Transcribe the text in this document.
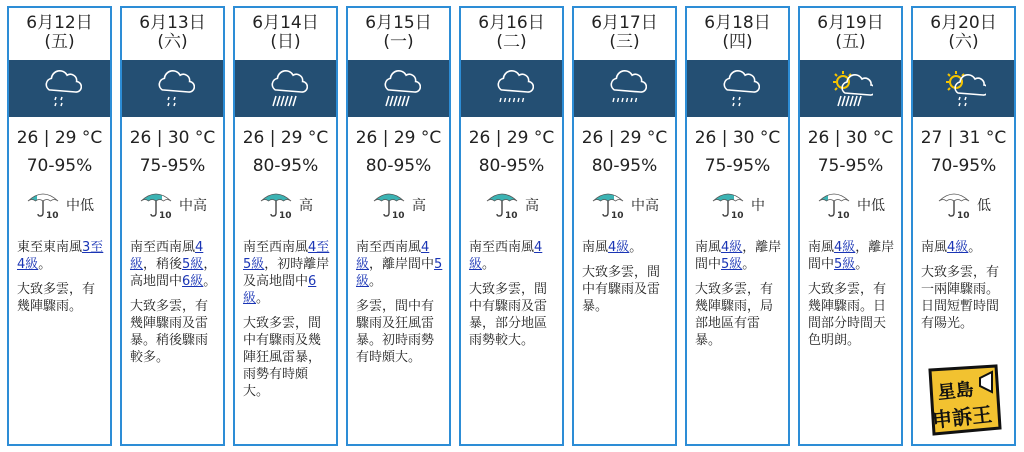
6月12日
(五)
26 | 29 °C
70-95%
10
中低

東至東南風3至4級。

大致多雲，有幾陣驟雨。

6月13日
(六)
26 | 30 °C
75-95%
10
中高

南至西南風4級，稍後5級，高地間中6級。

大致多雲，有幾陣驟雨及雷暴。稍後驟雨較多。

6月14日
(日)
26 | 29 °C
80-95%
10
高

南至西南風4至5級，初時離岸及高地間中6級。

大致多雲，間中有驟雨及幾陣狂風雷暴，雨勢有時頗大。

6月15日
(一)
26 | 29 °C
80-95%
10
高

南至西南風4級，離岸間中5級。

多雲，間中有驟雨及狂風雷暴。初時雨勢有時頗大。

6月16日
(二)
26 | 29 °C
80-95%
10
高

南至西南風4級。

大致多雲，間中有驟雨及雷暴，部分地區雨勢較大。

6月17日
(三)
26 | 29 °C
80-95%
10
中高

南風4級。

大致多雲，間中有驟雨及雷暴。

6月18日
(四)
26 | 30 °C
75-95%
10
中

南風4級，離岸間中5級。

大致多雲，有幾陣驟雨，局部地區有雷暴。

6月19日
(五)
26 | 30 °C
75-95%
10
中低

南風4級，離岸間中5級。

大致多雲，有幾陣驟雨。日間部分時間天色明朗。

6月20日
(六)
27 | 31 °C
70-95%
10
低

南風4級。

大致多雲，有一兩陣驟雨。日間短暫時間有陽光。

星島
申訴王
